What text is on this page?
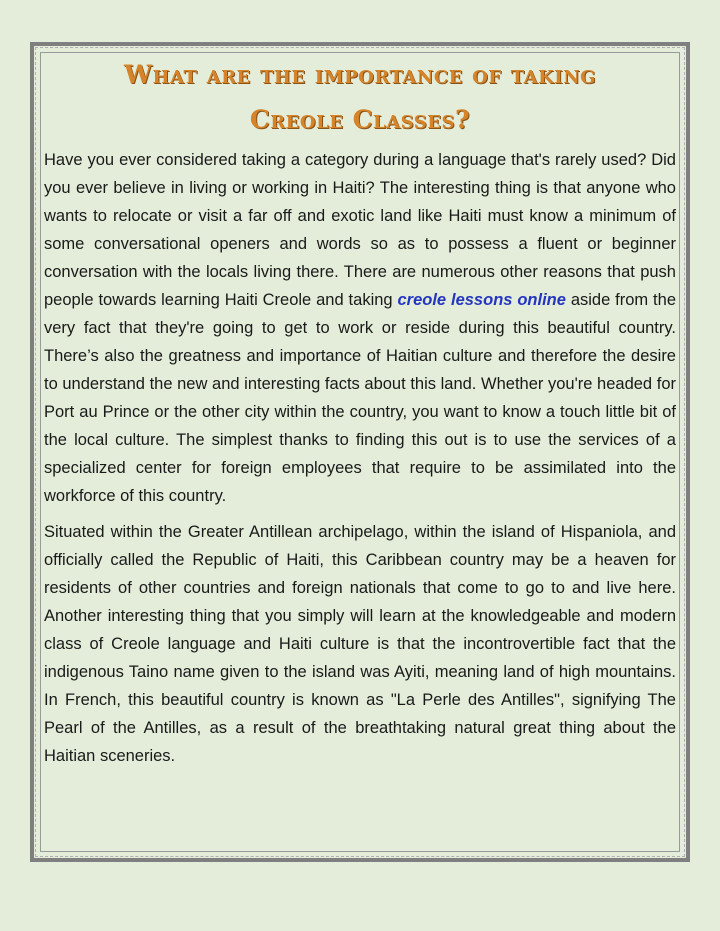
What are the importance of taking
Creole Classes?

Have you ever considered taking a category during a language that's rarely used? Did you ever believe in living or working in Haiti? The interesting thing is that anyone who wants to relocate or visit a far off and exotic land like Haiti must know a minimum of some conversational openers and words so as to possess a fluent or beginner conversation with the locals living there. There are numerous other reasons that push people towards learning Haiti Creole and taking creole lessons online aside from the very fact that they're going to get to work or reside during this beautiful country. There’s also the greatness and importance of Haitian culture and therefore the desire to understand the new and interesting facts about this land. Whether you're headed for Port au Prince or the other city within the country, you want to know a touch little bit of the local culture. The simplest thanks to finding this out is to use the services of a specialized center for foreign employees that require to be assimilated into the workforce of this country.

Situated within the Greater Antillean archipelago, within the island of Hispaniola, and officially called the Republic of Haiti, this Caribbean country may be a heaven for residents of other countries and foreign nationals that come to go to and live here. Another interesting thing that you simply will learn at the knowledgeable and modern class of Creole language and Haiti culture is that the incontrovertible fact that the indigenous Taino name given to the island was Ayiti, meaning land of high mountains. In French, this beautiful country is known as "La Perle des Antilles", signifying The Pearl of the Antilles, as a result of the breathtaking natural great thing about the Haitian sceneries.
